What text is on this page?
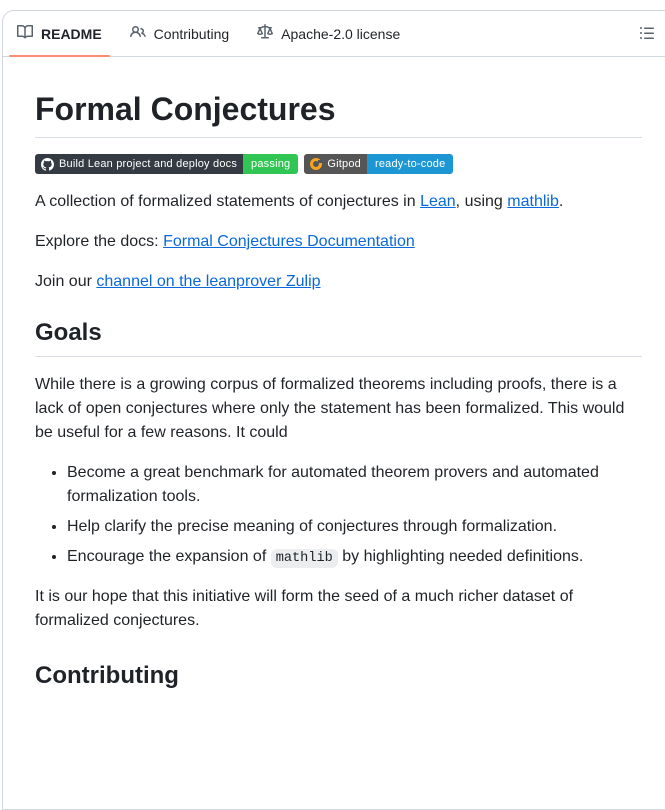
README	Contributing	Apache-2.0 license
Formal Conjectures
Build Lean project and deploy docs	passing	Gitpod	ready-to-code

A collection of formalized statements of conjectures in Lean, using mathlib.

Explore the docs: Formal Conjectures Documentation

Join our channel on the leanprover Zulip

Goals

While there is a growing corpus of formalized theorems including proofs, there is a lack of open conjectures where only the statement has been formalized. This would be useful for a few reasons. It could

• Become a great benchmark for automated theorem provers and automated formalization tools.
• Help clarify the precise meaning of conjectures through formalization.
• Encourage the expansion of mathlib by highlighting needed definitions.

It is our hope that this initiative will form the seed of a much richer dataset of formalized conjectures.

Contributing
